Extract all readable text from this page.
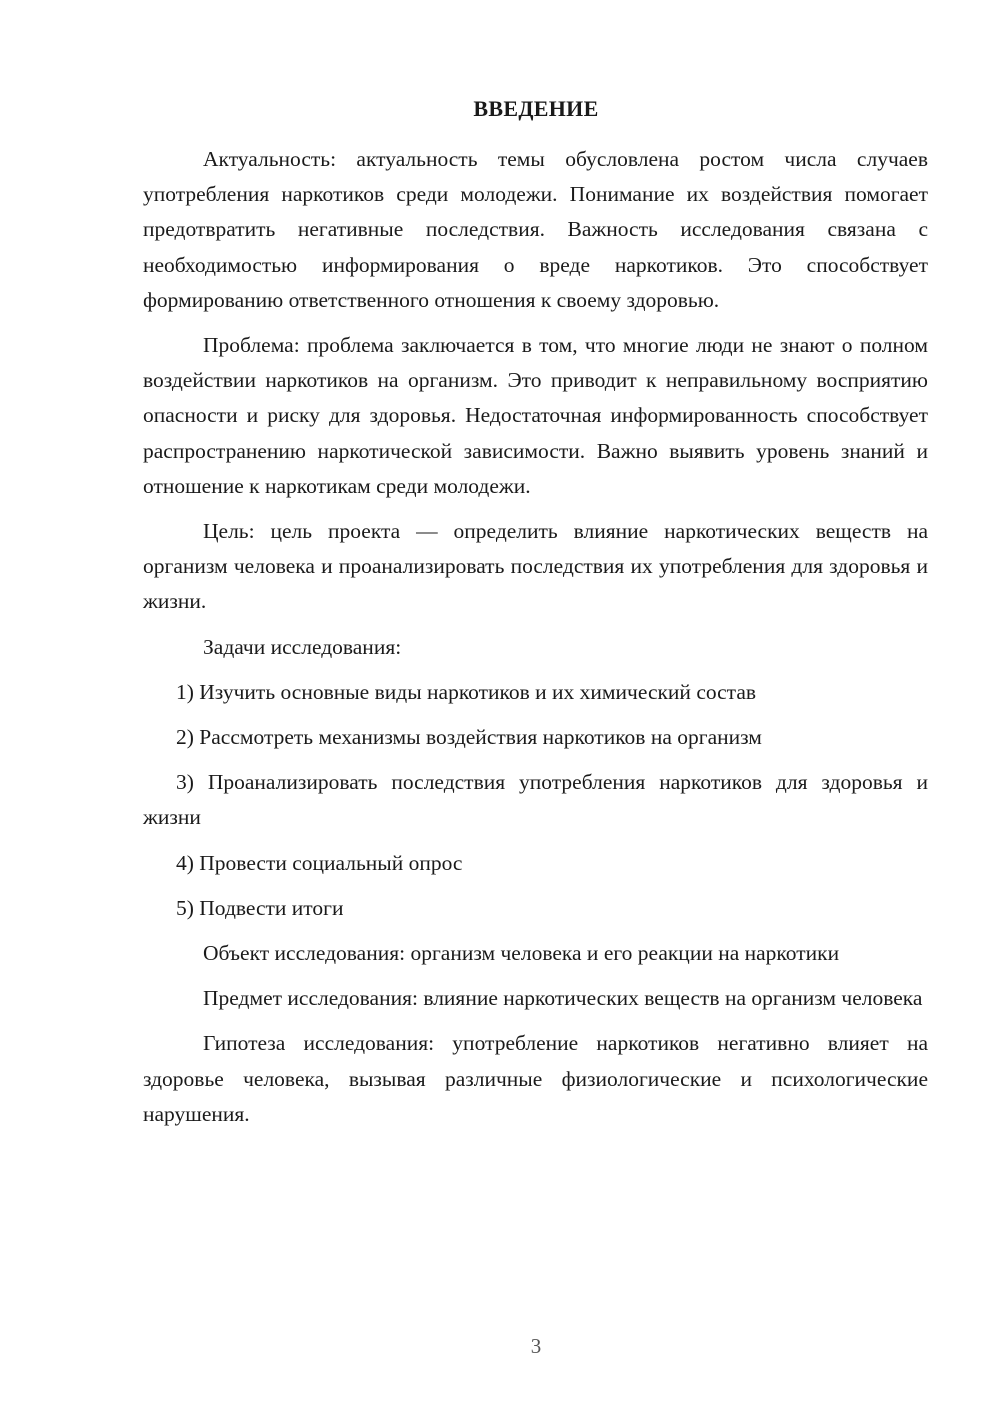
ВВЕДЕНИЕ

Актуальность: актуальность темы обусловлена ростом числа случаев употребления наркотиков среди молодежи. Понимание их воздействия помогает предотвратить негативные последствия. Важность исследования связана с необходимостью информирования о вреде наркотиков. Это способствует формированию ответственного отношения к своему здоровью.

Проблема: проблема заключается в том, что многие люди не знают о полном воздействии наркотиков на организм. Это приводит к неправильному восприятию опасности и риску для здоровья. Недостаточная информированность способствует распространению наркотической зависимости. Важно выявить уровень знаний и отношение к наркотикам среди молодежи.

Цель: цель проекта — определить влияние наркотических веществ на организм человека и проанализировать последствия их употребления для здоровья и жизни.

Задачи исследования:

1) Изучить основные виды наркотиков и их химический состав

2) Рассмотреть механизмы воздействия наркотиков на организм

3) Проанализировать последствия употребления наркотиков для здоровья и жизни

4) Провести социальный опрос

5) Подвести итоги

Объект исследования: организм человека и его реакции на наркотики

Предмет исследования: влияние наркотических веществ на организм человека

Гипотеза исследования: употребление наркотиков негативно влияет на здоровье человека, вызывая различные физиологические и психологические нарушения.

3
